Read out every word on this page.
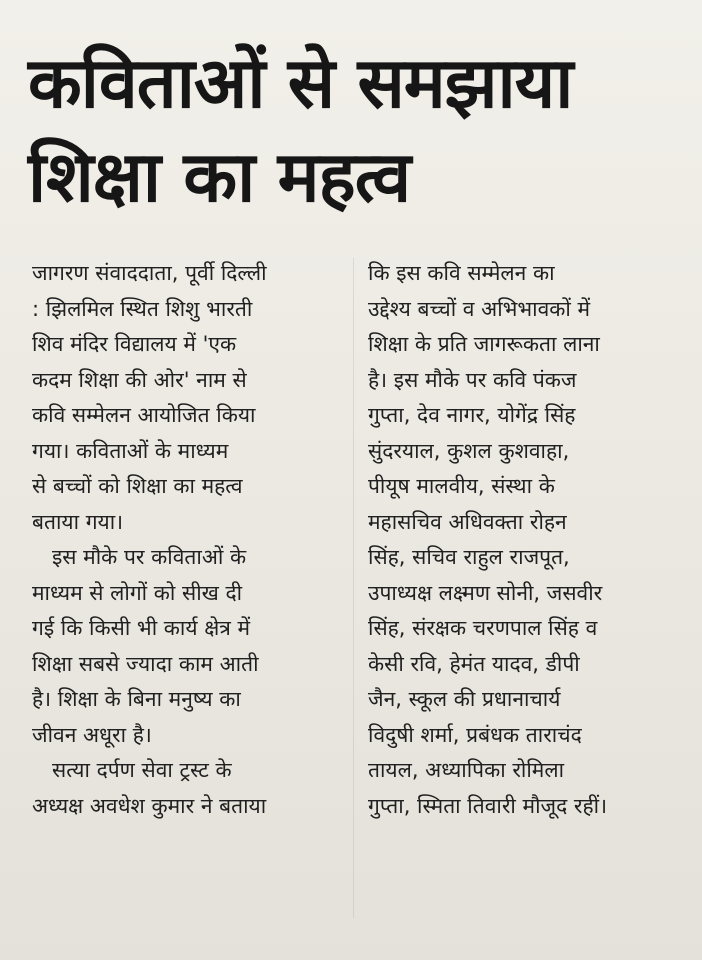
कविताओं से समझाया
शिक्षा का महत्व
जागरण संवाददाता, पूर्वी दिल्ली
: झिलमिल स्थित शिशु भारती
शिव मंदिर विद्यालय में 'एक
कदम शिक्षा की ओर' नाम से
कवि सम्मेलन आयोजित किया
गया। कविताओं के माध्यम
से बच्चों को शिक्षा का महत्व
बताया गया।
इस मौके पर कविताओं के
माध्यम से लोगों को सीख दी
गई कि किसी भी कार्य क्षेत्र में
शिक्षा सबसे ज्यादा काम आती
है। शिक्षा के बिना मनुष्य का
जीवन अधूरा है।
सत्या दर्पण सेवा ट्रस्ट के
अध्यक्ष अवधेश कुमार ने बताया
कि इस कवि सम्मेलन का
उद्देश्य बच्चों व अभिभावकों में
शिक्षा के प्रति जागरूकता लाना
है। इस मौके पर कवि पंकज
गुप्ता, देव नागर, योगेंद्र सिंह
सुंदरयाल, कुशल कुशवाहा,
पीयूष मालवीय, संस्था के
महासचिव अधिवक्ता रोहन
सिंह, सचिव राहुल राजपूत,
उपाध्यक्ष लक्ष्मण सोनी, जसवीर
सिंह, संरक्षक चरणपाल सिंह व
केसी रवि, हेमंत यादव, डीपी
जैन, स्कूल की प्रधानाचार्य
विदुषी शर्मा, प्रबंधक ताराचंद
तायल, अध्यापिका रोमिला
गुप्ता, स्मिता तिवारी मौजूद रहीं।
